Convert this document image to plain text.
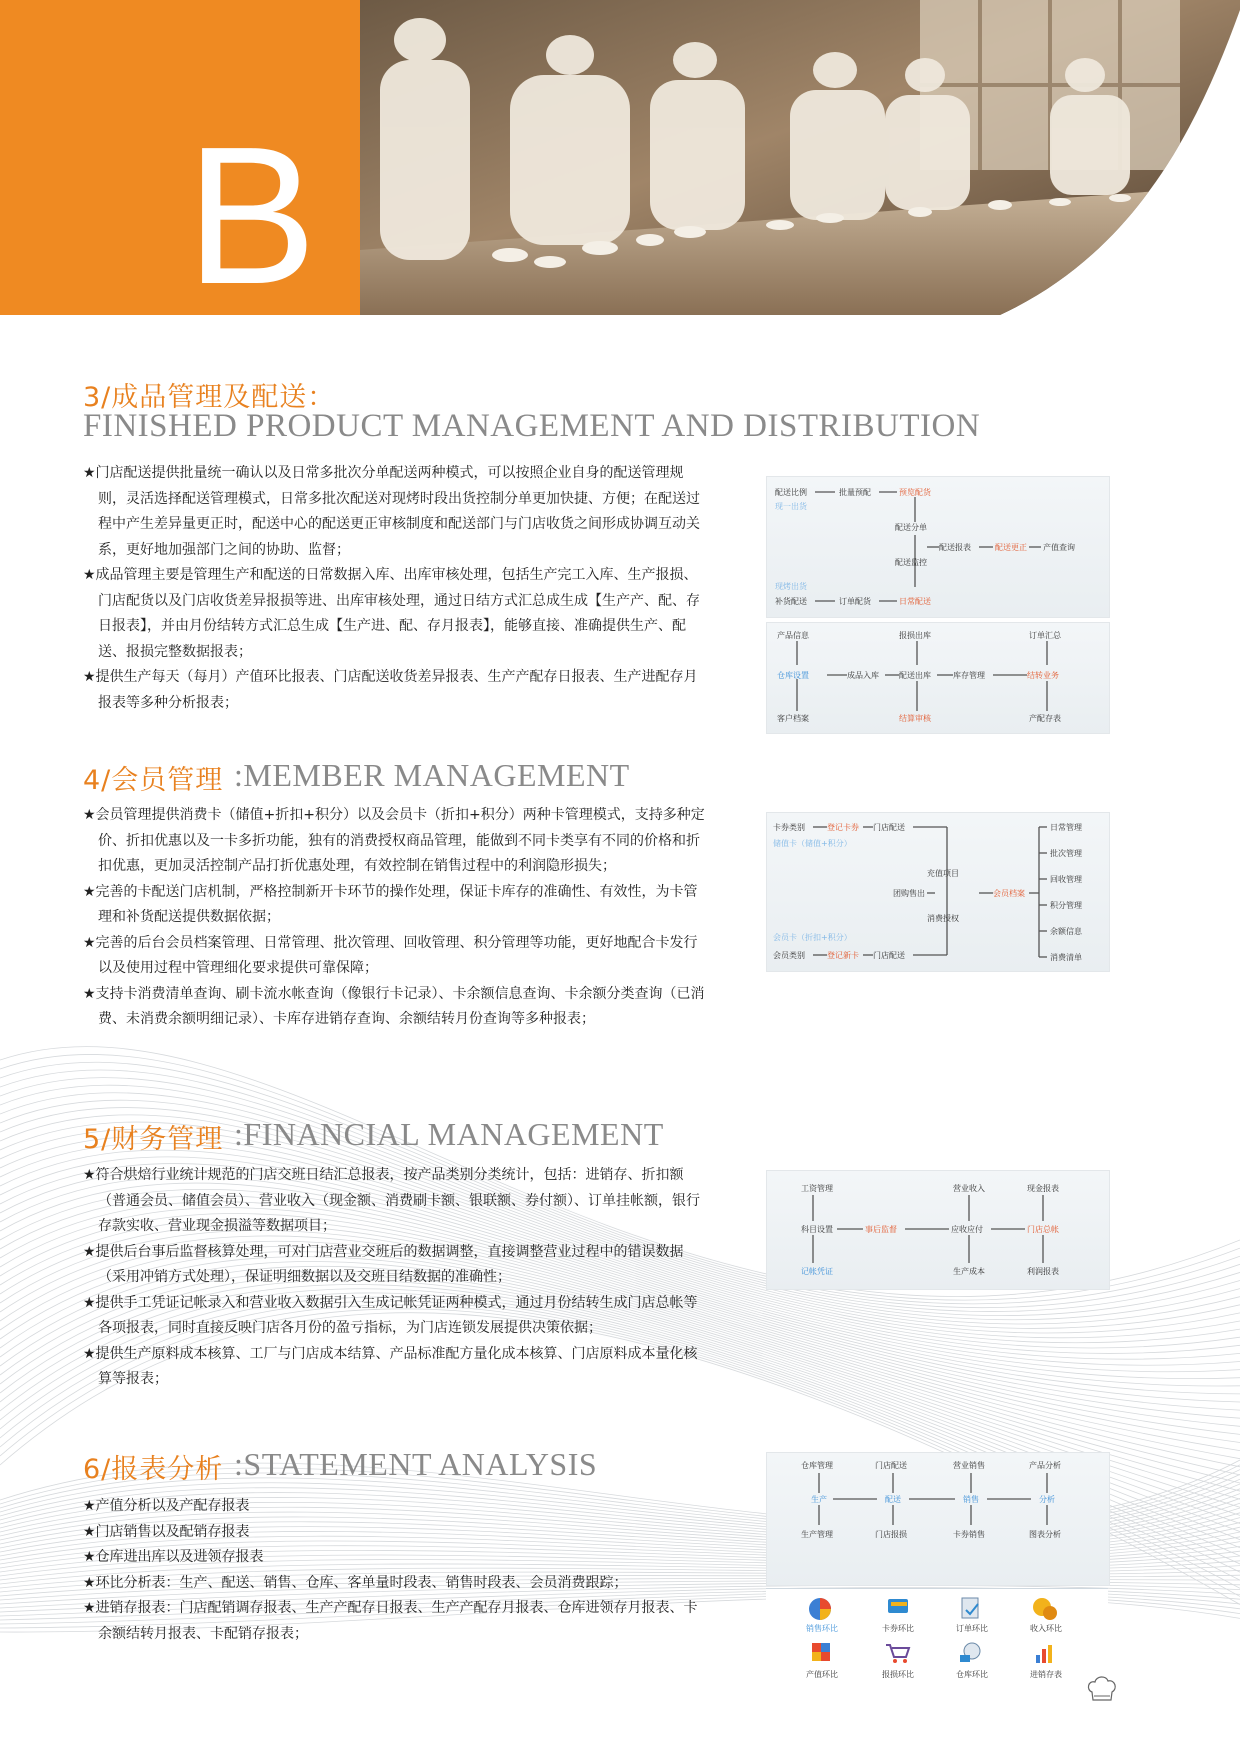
B
3/成品管理及配送：
FINISHED PRODUCT MANAGEMENT AND DISTRIBUTION
★门店配送提供批量统一确认以及日常多批次分单配送两种模式，可以按照企业自身的配送管理规则，灵活选择配送管理模式，日常多批次配送对现烤时段出货控制分单更加快捷、方便；在配送过程中产生差异量更正时，配送中心的配送更正审核制度和配送部门与门店收货之间形成协调互动关系，更好地加强部门之间的协助、监督；
★成品管理主要是管理生产和配送的日常数据入库、出库审核处理，包括生产完工入库、生产报损、门店配货以及门店收货差异报损等进、出库审核处理，通过日结方式汇总成生成【生产产、配、存日报表】，并由月份结转方式汇总生成【生产进、配、存月报表】，能够直接、准确提供生产、配送、报损完整数据报表；
★提供生产每天（每月）产值环比报表、门店配送收货差异报表、生产产配存日报表、生产进配存月报表等多种分析报表；
配送比例	批量预配	预览配货
现一出货
配送分单
配送报表	配送更正 产值查询
配送监控
现烤出货
补货配送	订单配货	日常配送
产品信息	报损出库	订单汇总
仓库设置	成品入库	配送出库	库存管理	结转业务
客户档案	结算审核	产配存表
4/会员管理 :MEMBER MANAGEMENT
★会员管理提供消费卡（储值+折扣+积分）以及会员卡（折扣+积分）两种卡管理模式，支持多种定价、折扣优惠以及一卡多折功能，独有的消费授权商品管理，能做到不同卡类享有不同的价格和折扣优惠，更加灵活控制产品打折优惠处理，有效控制在销售过程中的利润隐形损失；
★完善的卡配送门店机制，严格控制新开卡环节的操作处理，保证卡库存的准确性、有效性，为卡管理和补货配送提供数据依据；
★完善的后台会员档案管理、日常管理、批次管理、回收管理、积分管理等功能，更好地配合卡发行以及使用过程中管理细化要求提供可靠保障；
★支持卡消费清单查询、刷卡流水帐查询（像银行卡记录）、卡余额信息查询、卡余额分类查询（已消费、未消费余额明细记录）、卡库存进销存查询、余额结转月份查询等多种报表；
卡券类别	登记卡券 门店配送
储值卡（储值+积分）
充值项目
团购售出	会员档案
消费授权
会员卡（折扣+积分）
会员类别	登记新卡 门店配送
日常管理
批次管理
回收管理
积分管理
余额信息
消费清单
5/财务管理 :FINANCIAL MANAGEMENT
★符合烘焙行业统计规范的门店交班日结汇总报表，按产品类别分类统计，包括：进销存、折扣额（普通会员、储值会员）、营业收入（现金额、消费刷卡额、银联额、券付额）、订单挂帐额，银行存款实收、营业现金损溢等数据项目；
★提供后台事后监督核算处理，可对门店营业交班后的数据调整，直接调整营业过程中的错误数据（采用冲销方式处理），保证明细数据以及交班日结数据的准确性；
★提供手工凭证记帐录入和营业收入数据引入生成记帐凭证两种模式，通过月份结转生成门店总帐等各项报表，同时直接反映门店各月份的盈亏指标，为门店连锁发展提供决策依据；
★提供生产原料成本核算、工厂与门店成本结算、产品标准配方量化成本核算、门店原料成本量化核算等报表；
工资管理	营业收入	现金报表
科目设置	事后监督	应收应付	门店总帐
记帐凭证	生产成本	利润报表
6/报表分析 :STATEMENT ANALYSIS
★产值分析以及产配存报表
★门店销售以及配销存报表
★仓库进出库以及进领存报表
★环比分析表：生产、配送、销售、仓库、客单量时段表、销售时段表、会员消费跟踪；
★进销存报表：门店配销调存报表、生产产配存日报表、生产产配存月报表、仓库进领存月报表、卡余额结转月报表、卡配销存报表；
仓库管理	门店配送	营业销售	产品分析
生产	配送	销售	分析
生产管理	门店报损	卡券销售	图表分析
销售环比	卡券环比	订单环比	收入环比
产值环比	报损环比	仓库环比	进销存表
